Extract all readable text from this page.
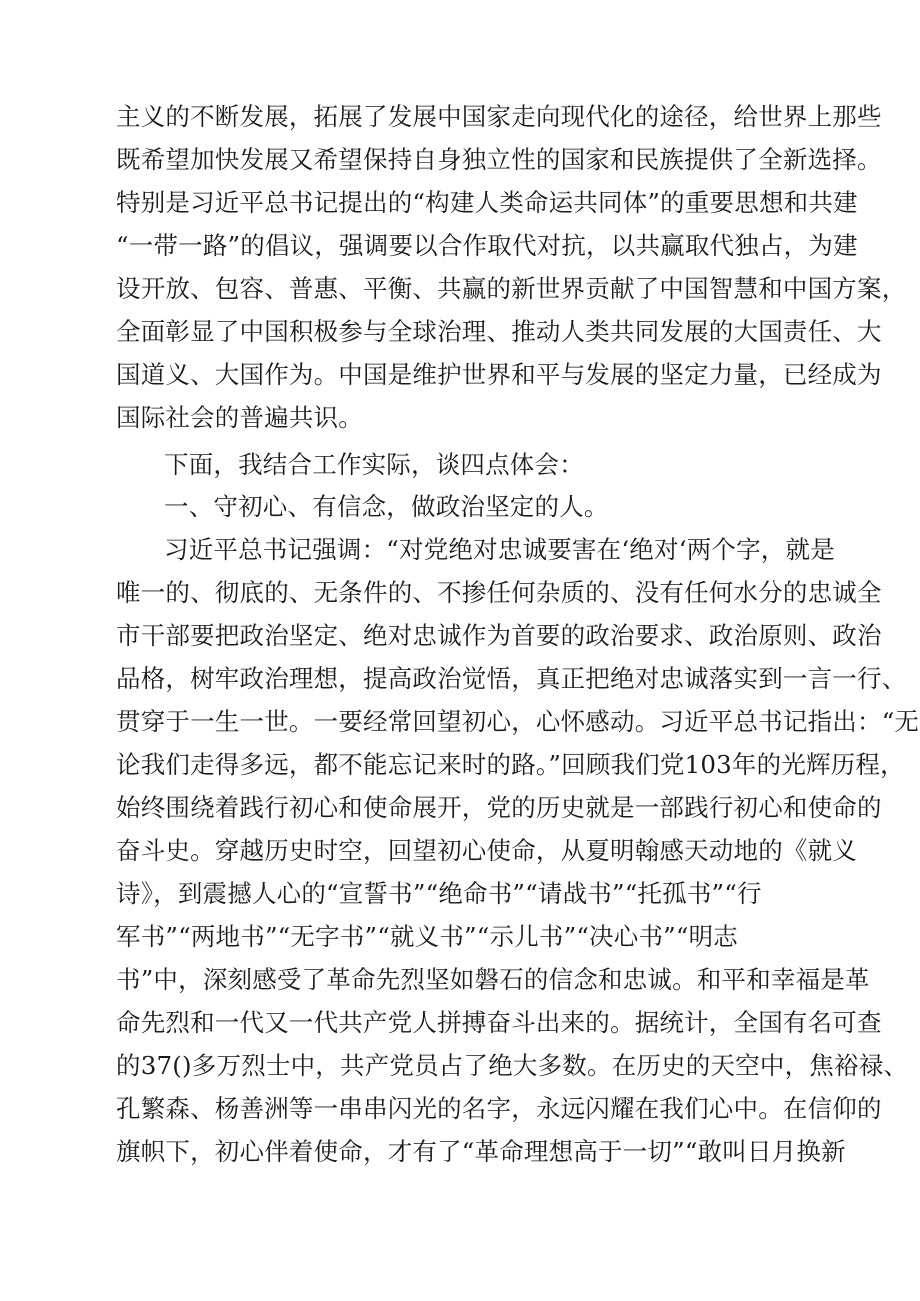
主义的不断发展，拓展了发展中国家走向现代化的途径，给世界上那些
既希望加快发展又希望保持自身独立性的国家和民族提供了全新选择。
特别是习近平总书记提出的“构建人类命运共同体”的重要思想和共建
“一带一路”的倡议，强调要以合作取代对抗，以共赢取代独占，为建
设开放、包容、普惠、平衡、共赢的新世界贡献了中国智慧和中国方案，
全面彰显了中国积极参与全球治理、推动人类共同发展的大国责任、大
国道义、大国作为。中国是维护世界和平与发展的坚定力量，已经成为
国际社会的普遍共识。
下面，我结合工作实际，谈四点体会：
一、守初心、有信念，做政治坚定的人。
习近平总书记强调：“对党绝对忠诚要害在‘绝对‘两个字，就是
唯一的、彻底的、无条件的、不掺任何杂质的、没有任何水分的忠诚全
市干部要把政治坚定、绝对忠诚作为首要的政治要求、政治原则、政治
品格，树牢政治理想，提高政治觉悟，真正把绝对忠诚落实到一言一行、
贯穿于一生一世。一要经常回望初心，心怀感动。习近平总书记指出：“无
论我们走得多远，都不能忘记来时的路。”回顾我们党103年的光辉历程，
始终围绕着践行初心和使命展开，党的历史就是一部践行初心和使命的
奋斗史。穿越历史时空，回望初心使命，从夏明翰感天动地的《就义
诗》，到震撼人心的“宣誓书”“绝命书”“请战书”“托孤书”“行
军书”“两地书”“无字书”“就义书”“示儿书”“决心书”“明志
书”中，深刻感受了革命先烈坚如磐石的信念和忠诚。和平和幸福是革
命先烈和一代又一代共产党人拼搏奋斗出来的。据统计，全国有名可查
的37()多万烈士中，共产党员占了绝大多数。在历史的天空中，焦裕禄、
孔繁森、杨善洲等一串串闪光的名字，永远闪耀在我们心中。在信仰的
旗帜下，初心伴着使命，才有了“革命理想高于一切”“敢叫日月换新
